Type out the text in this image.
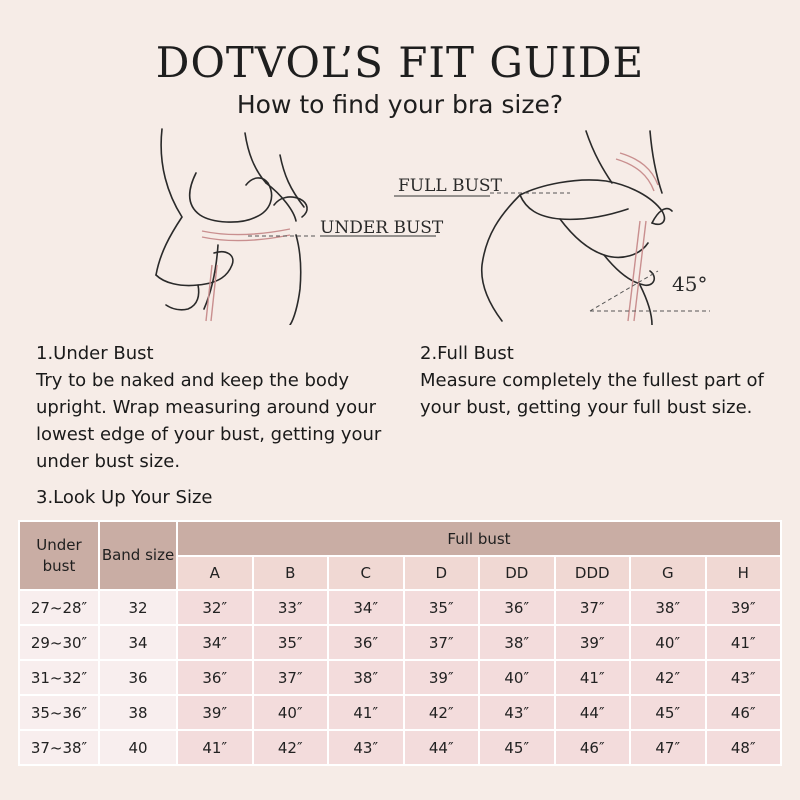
DOTVOL’S FIT GUIDE
How to find your bra size?
UNDER BUST
FULL BUST
45°
1.Under Bust

Try to be naked and keep the body upright. Wrap measuring around your lowest edge of your bust, getting your under bust size.

2.Full Bust

Measure completely the fullest part of your bust, getting your full bust size.

3.Look Up Your Size
Under bust	Band size	Full bust							
		A	B	C	D	DD	DDD	G	H
27~28″	32	32″	33″	34″	35″	36″	37″	38″	39″
29~30″	34	34″	35″	36″	37″	38″	39″	40″	41″
31~32″	36	36″	37″	38″	39″	40″	41″	42″	43″
35~36″	38	39″	40″	41″	42″	43″	44″	45″	46″
37~38″	40	41″	42″	43″	44″	45″	46″	47″	48″
